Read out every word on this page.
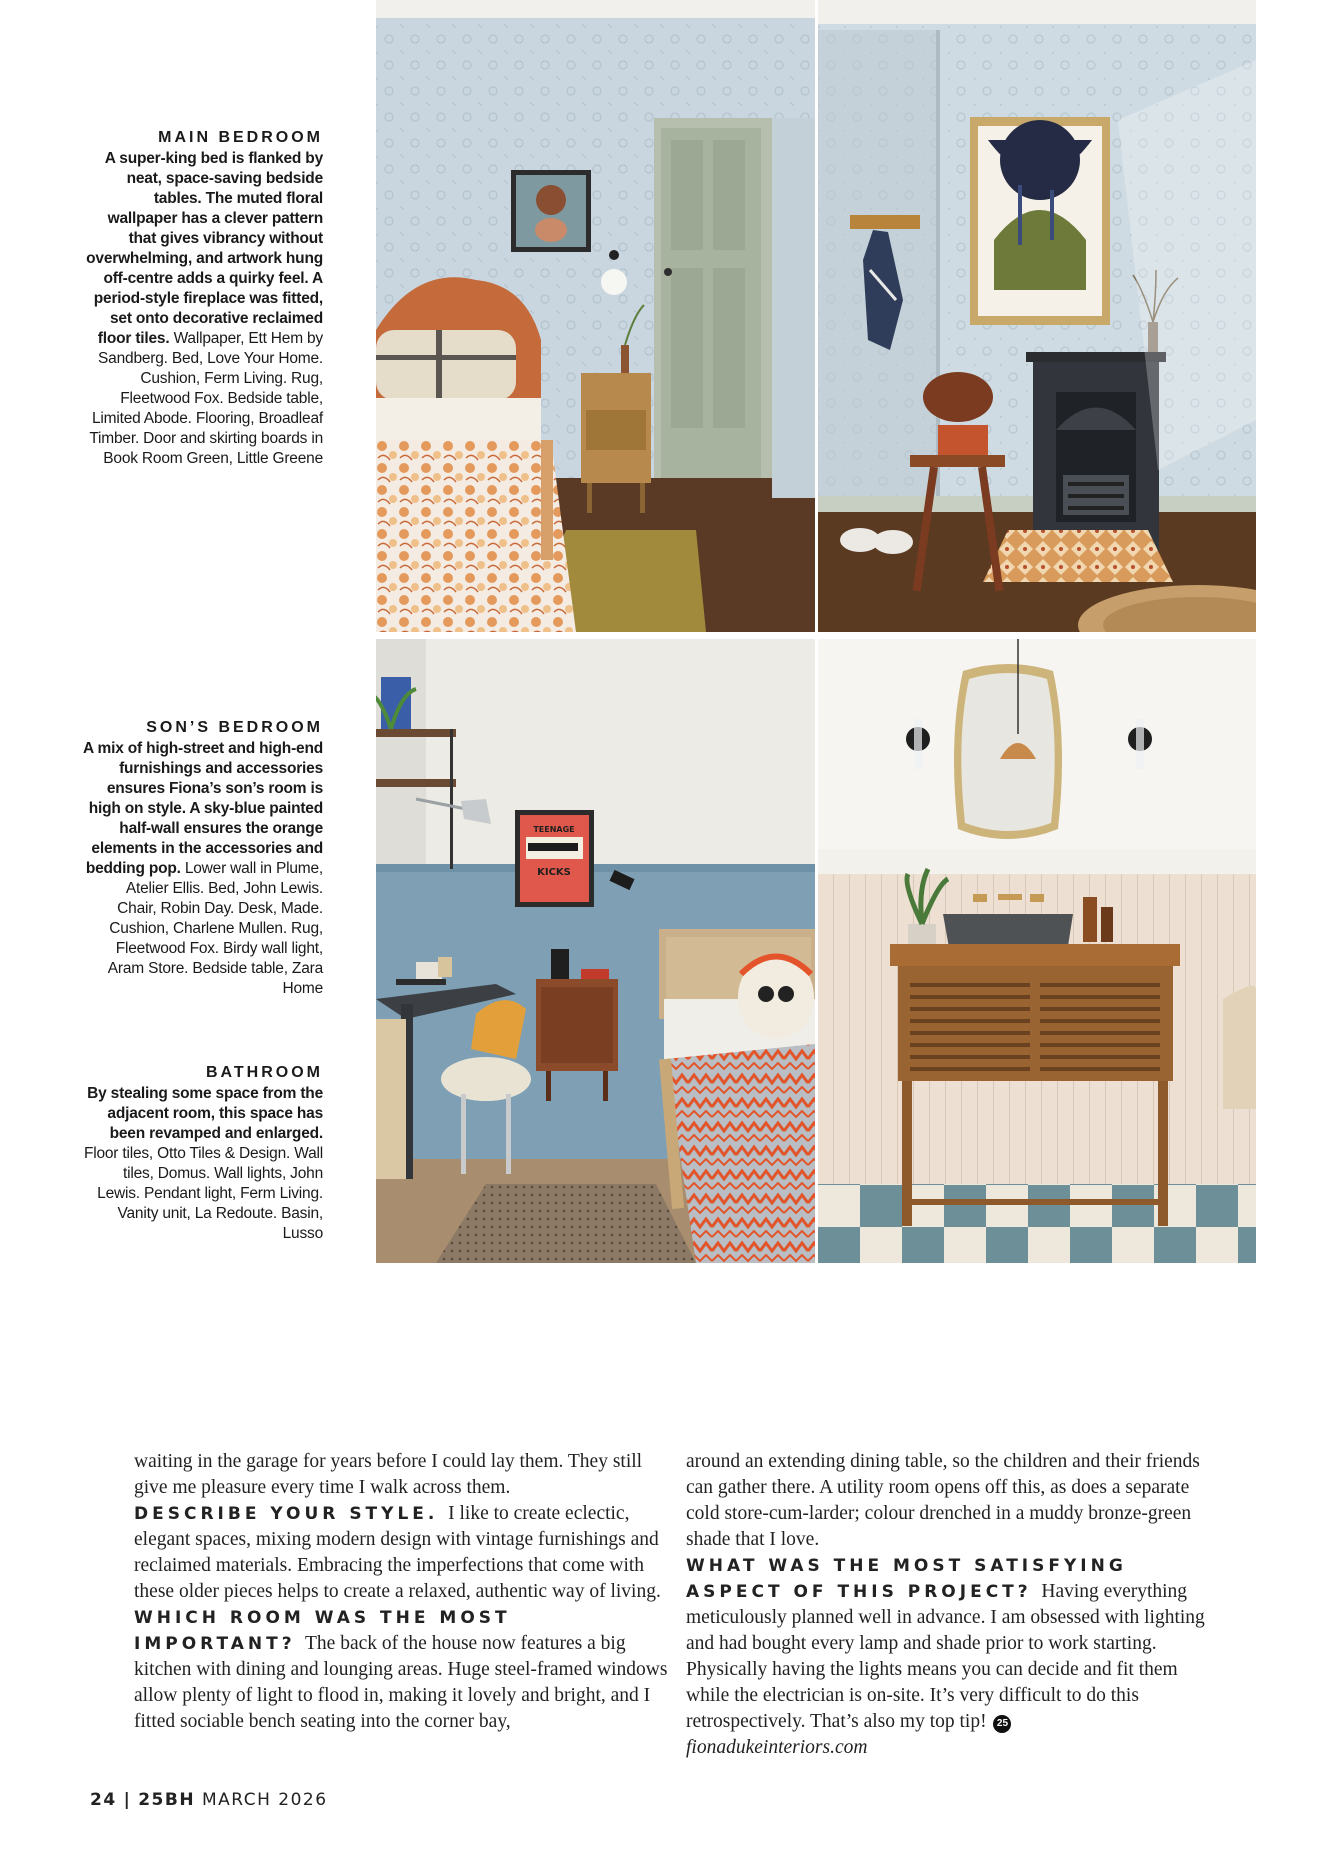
MAIN BEDROOM
A super-king bed is flanked by neat, space-saving bedside tables. The muted floral wallpaper has a clever pattern that gives vibrancy without overwhelming, and artwork hung off-centre adds a quirky feel. A period-style fireplace was fitted, set onto decorative reclaimed floor tiles. Wallpaper, Ett Hem by Sandberg. Bed, Love Your Home. Cushion, Ferm Living. Rug, Fleetwood Fox. Bedside table, Limited Abode. Flooring, Broadleaf Timber. Door and skirting boards in Book Room Green, Little Greene
SON’S BEDROOM
A mix of high-street and high-end furnishings and accessories ensures Fiona’s son’s room is high on style. A sky-blue painted half-wall ensures the orange elements in the accessories and bedding pop. Lower wall in Plume, Atelier Ellis. Bed, John Lewis. Chair, Robin Day. Desk, Made. Cushion, Charlene Mullen. Rug, Fleetwood Fox. Birdy wall light, Aram Store. Bedside table, Zara Home
BATHROOM
By stealing some space from the adjacent room, this space has been revamped and enlarged. Floor tiles, Otto Tiles & Design. Wall tiles, Domus. Wall lights, John Lewis. Pendant light, Ferm Living. Vanity unit, La Redoute. Basin, Lusso
TEENAGE
KICKS

waiting in the garage for years before I could lay them. They still give me pleasure every time I walk across them.

DESCRIBE YOUR STYLE. I like to create eclectic, elegant spaces, mixing modern design with vintage furnishings and reclaimed materials. Embracing the imperfections that come with these older pieces helps to create a relaxed, authentic way of living.

WHICH ROOM WAS THE MOST IMPORTANT? The back of the house now features a big kitchen with dining and lounging areas. Huge steel-framed windows allow plenty of light to flood in, making it lovely and bright, and I fitted sociable bench seating into the corner bay,

around an extending dining table, so the children and their friends can gather there. A utility room opens off this, as does a separate cold store-cum-larder; colour drenched in a muddy bronze-green shade that I love.

WHAT WAS THE MOST SATISFYING ASPECT OF THIS PROJECT? Having everything meticulously planned well in advance. I am obsessed with lighting and had bought every lamp and shade prior to work starting. Physically having the lights means you can decide and fit them while the electrician is on-site. It’s very difficult to do this retrospectively. That’s also my top tip! 25

fionadukeinteriors.com

24 | 25BH MARCH 2026
